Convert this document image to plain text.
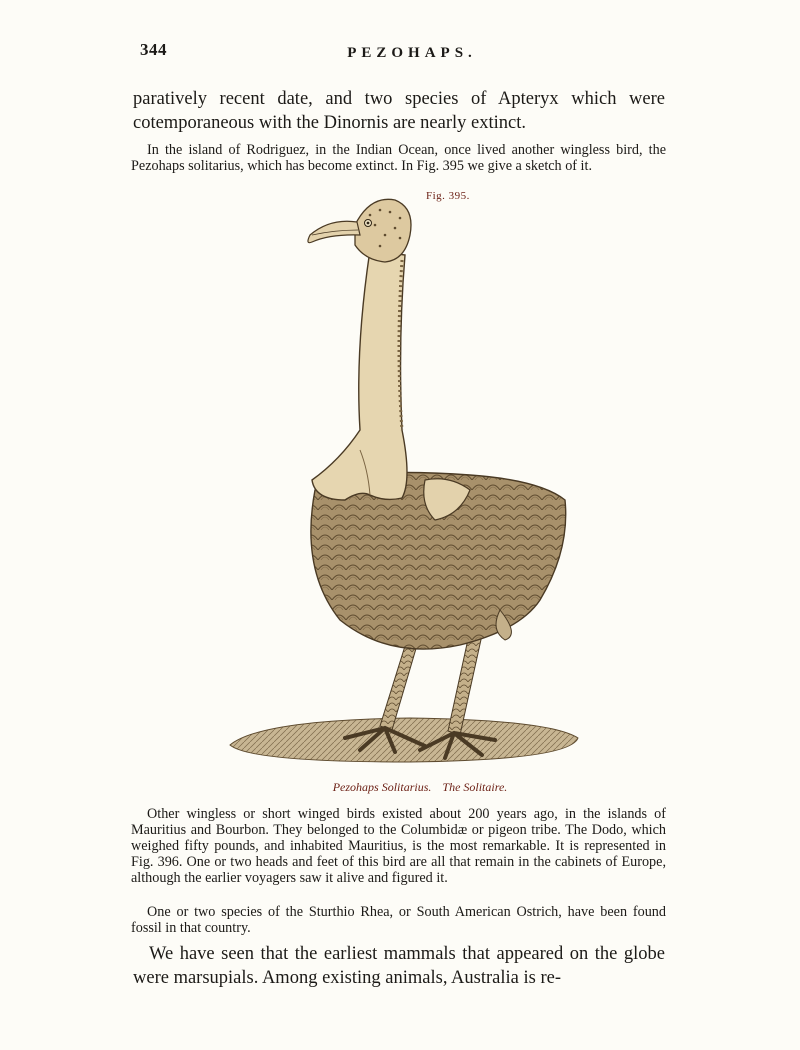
344	PEZOHAPS.
paratively recent date, and two species of Apteryx which were cotemporaneous with the Dinornis are nearly extinct.
In the island of Rodriguez, in the Indian Ocean, once lived another wingless bird, the Pezohaps solitarius, which has become extinct. In Fig. 395 we give a sketch of it.
Fig. 395.
Pezohaps Solitarius. The Solitaire.
Other wingless or short winged birds existed about 200 years ago, in the islands of Mauritius and Bourbon. They belonged to the Columbidæ or pigeon tribe. The Dodo, which weighed fifty pounds, and inhabited Mauritius, is the most remarkable. It is represented in Fig. 396. One or two heads and feet of this bird are all that remain in the cabinets of Europe, although the earlier voyagers saw it alive and figured it.
One or two species of the Sturthio Rhea, or South American Ostrich, have been found fossil in that country.
We have seen that the earliest mammals that appeared on the globe were marsupials. Among existing animals, Australia is re-
